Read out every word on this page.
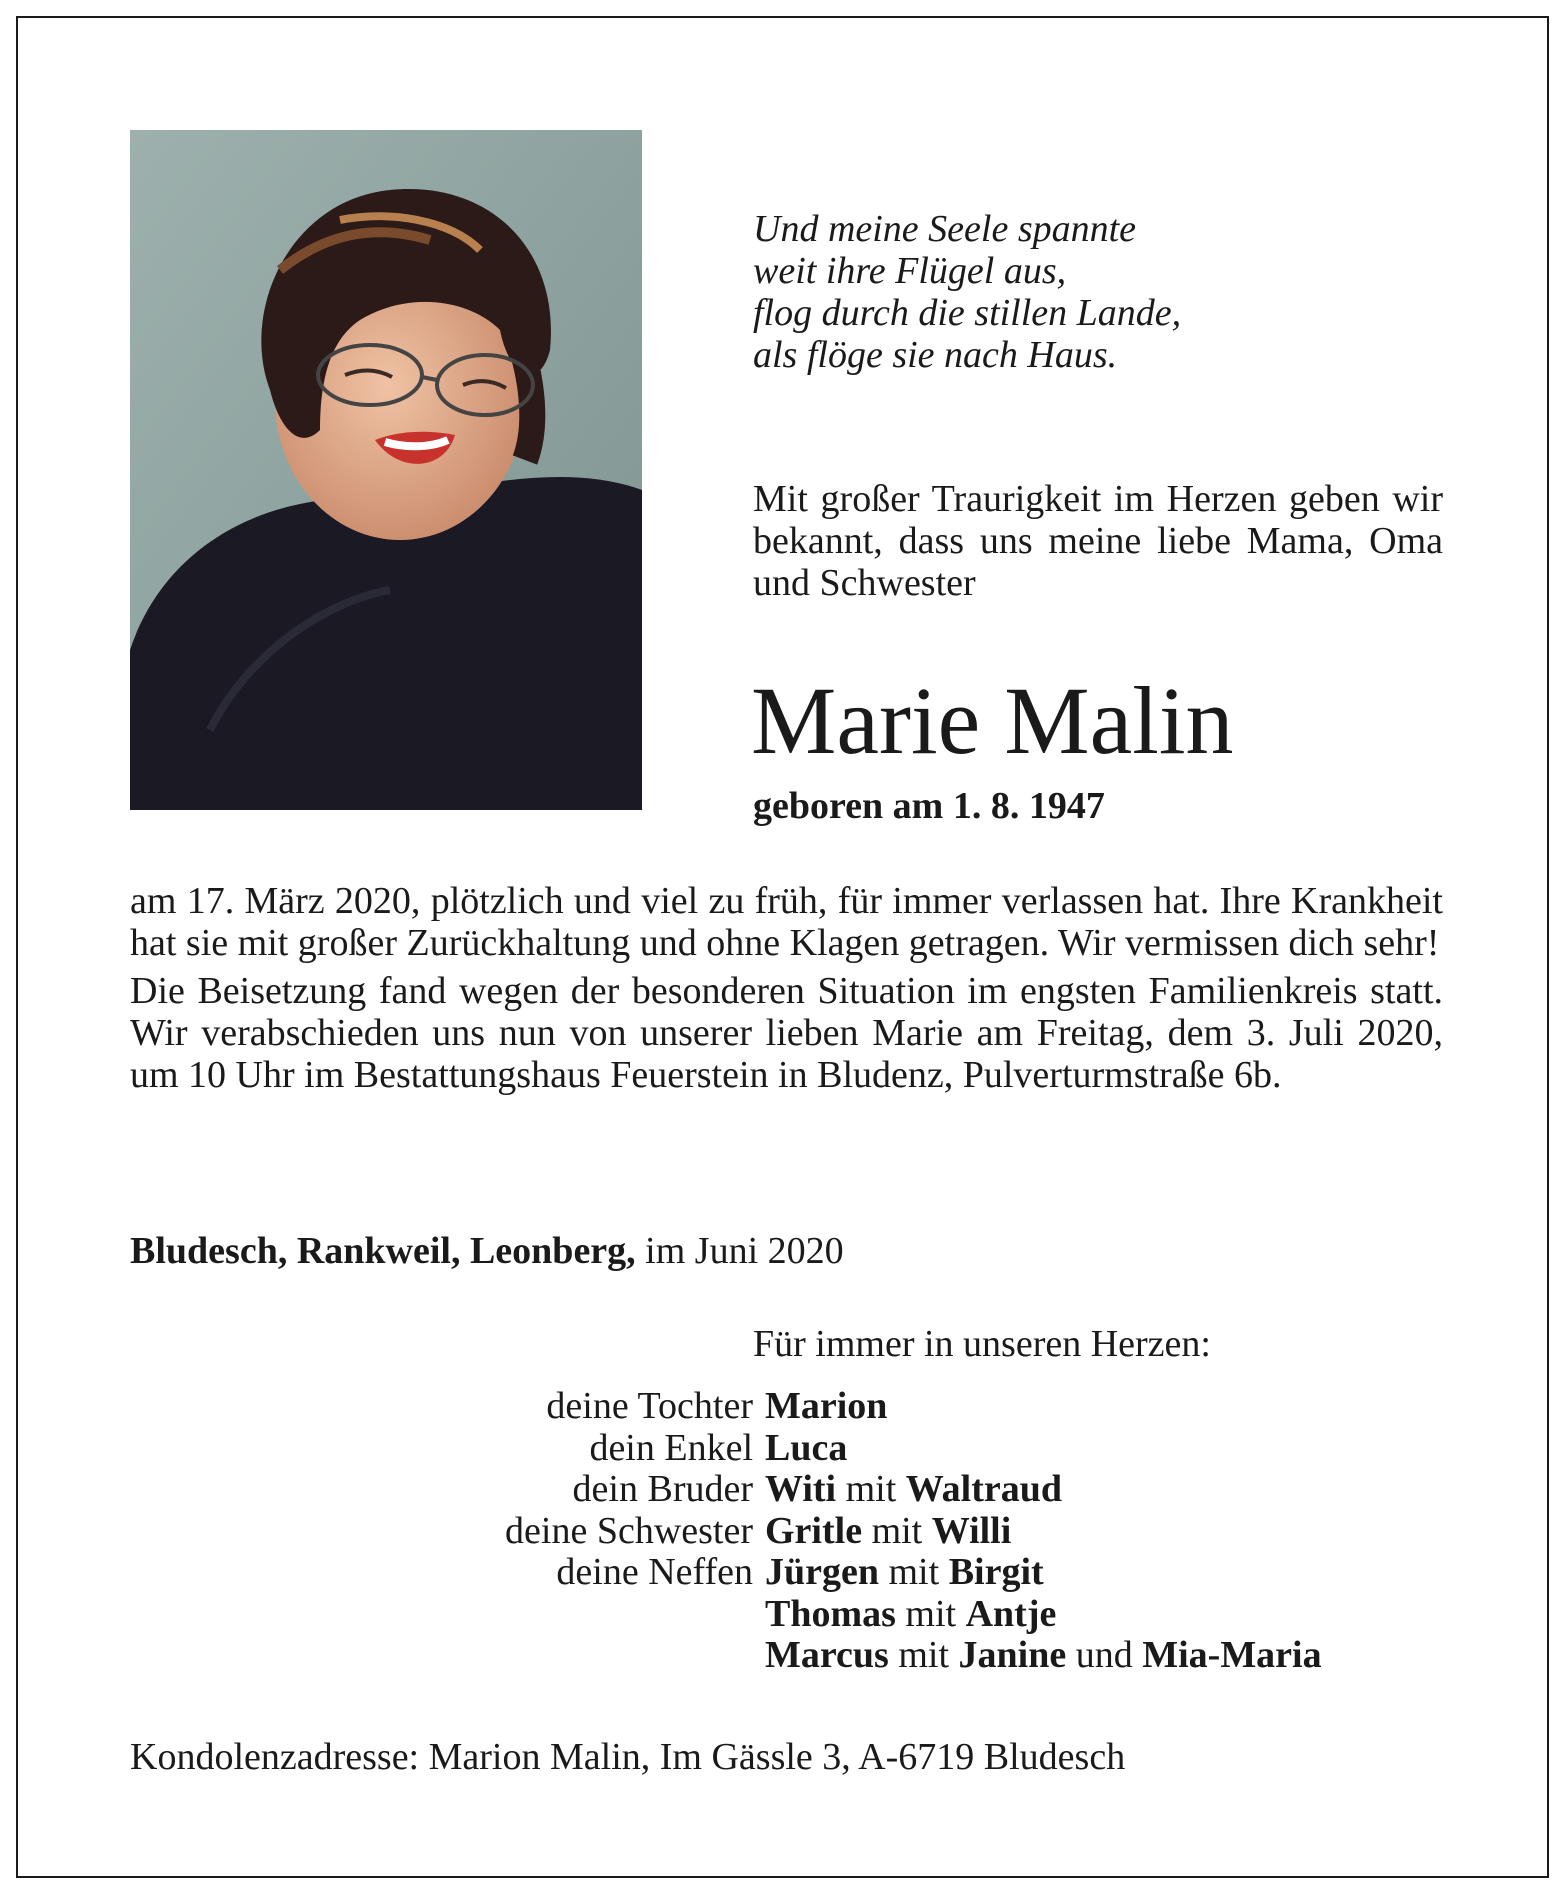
Und meine Seele spannte
weit ihre Flügel aus,
flog durch die stillen Lande,
als flöge sie nach Haus.
Mit großer Traurigkeit im Herzen geben wir bekannt, dass uns meine liebe Mama, Oma und Schwester
Marie Malin
geboren am 1. 8. 1947

am 17. März 2020, plötzlich und viel zu früh, für immer verlassen hat. Ihre Krankheit hat sie mit großer Zurückhaltung und ohne Klagen getragen. Wir vermissen dich sehr!

Die Beisetzung fand wegen der besonderen Situation im engsten Familienkreis statt. Wir verabschieden uns nun von unserer lieben Marie am Freitag, dem 3. Juli 2020, um 10 Uhr im Bestattungshaus Feuerstein in Bludenz, Pulverturmstraße 6b.

Bludesch, Rankweil, Leonberg, im Juni 2020
Für immer in unseren Herzen:
deine Tochter Marion
dein Enkel Luca
dein Bruder Witi mit Waltraud
deine Schwester Gritle mit Willi
deine Neffen Jürgen mit Birgit
Thomas mit Antje
Marcus mit Janine und Mia-Maria
Kondolenzadresse: Marion Malin, Im Gässle 3, A-6719 Bludesch
